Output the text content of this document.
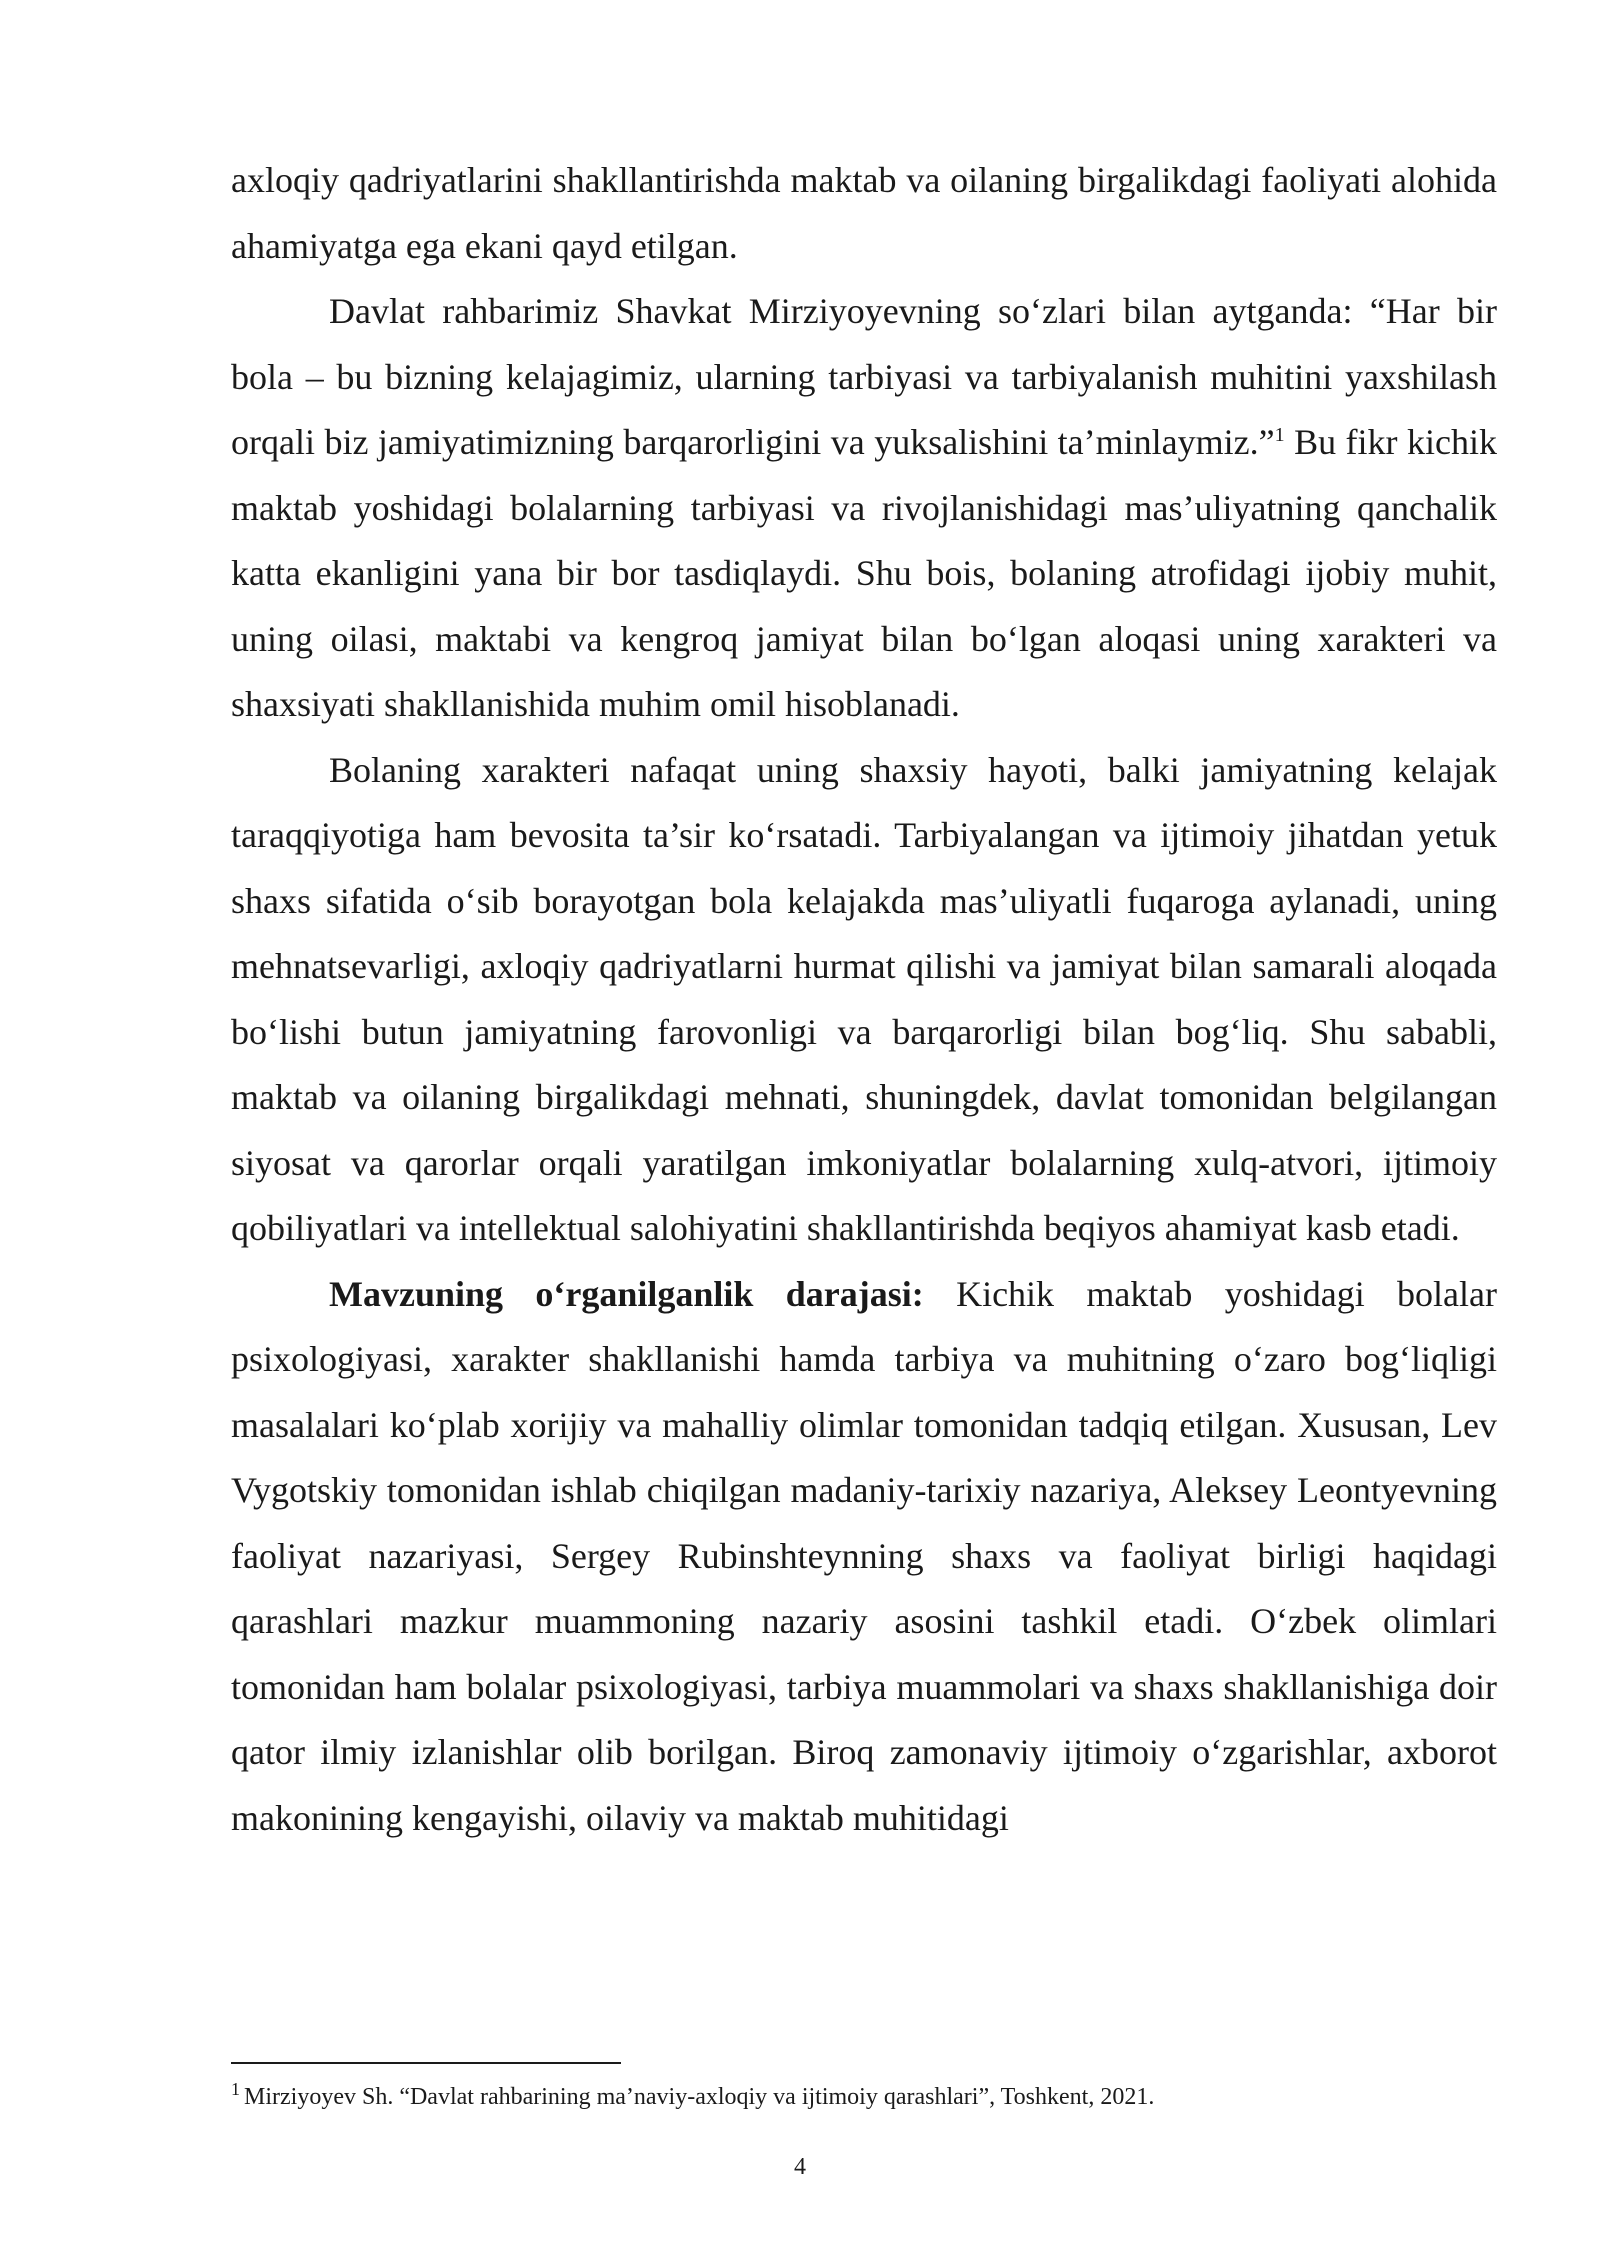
axloqiy qadriyatlarini shakllantirishda maktab va oilaning birgalikdagi faoliyati alohida ahamiyatga ega ekani qayd etilgan.

Davlat rahbarimiz Shavkat Mirziyoyevning so‘zlari bilan aytganda: “Har bir bola – bu bizning kelajagimiz, ularning tarbiyasi va tarbiyalanish muhitini yaxshilash orqali biz jamiyatimizning barqarorligini va yuksalishini ta’minlaymiz.”$^1$ Bu fikr kichik maktab yoshidagi bolalarning tarbiyasi va rivojlanishidagi mas’uliyatning qanchalik katta ekanligini yana bir bor tasdiqlaydi. Shu bois, bolaning atrofidagi ijobiy muhit, uning oilasi, maktabi va kengroq jamiyat bilan bo‘lgan aloqasi uning xarakteri va shaxsiyati shakllanishida muhim omil hisoblanadi.

Bolaning xarakteri nafaqat uning shaxsiy hayoti, balki jamiyatning kelajak taraqqiyotiga ham bevosita ta’sir ko‘rsatadi. Tarbiyalangan va ijtimoiy jihatdan yetuk shaxs sifatida o‘sib borayotgan bola kelajakda mas’uliyatli fuqaroga aylanadi, uning mehnatsevarligi, axloqiy qadriyatlarni hurmat qilishi va jamiyat bilan samarali aloqada bo‘lishi butun jamiyatning farovonligi va barqarorligi bilan bog‘liq. Shu sababli, maktab va oilaning birgalikdagi mehnati, shuningdek, davlat tomonidan belgilangan siyosat va qarorlar orqali yaratilgan imkoniyatlar bolalarning xulq-atvori, ijtimoiy qobiliyatlari va intellektual salohiyatini shakllantirishda beqiyos ahamiyat kasb etadi.

Mavzuning o‘rganilganlik darajasi: Kichik maktab yoshidagi bolalar psixologiyasi, xarakter shakllanishi hamda tarbiya va muhitning o‘zaro bog‘liqligi masalalari ko‘plab xorijiy va mahalliy olimlar tomonidan tadqiq etilgan. Xususan, Lev Vygotskiy tomonidan ishlab chiqilgan madaniy-tarixiy nazariya, Aleksey Leontyevning faoliyat nazariyasi, Sergey Rubinshteynning shaxs va faoliyat birligi haqidagi qarashlari mazkur muammoning nazariy asosini tashkil etadi. O‘zbek olimlari tomonidan ham bolalar psixologiyasi, tarbiya muammolari va shaxs shakllanishiga doir qator ilmiy izlanishlar olib borilgan. Biroq zamonaviy ijtimoiy o‘zgarishlar, axborot makonining kengayishi, oilaviy va maktab muhitidagi

$^1$ Mirziyoyev Sh. “Davlat rahbarining ma’naviy-axloqiy va ijtimoiy qarashlari”, Toshkent, 2021.
4
